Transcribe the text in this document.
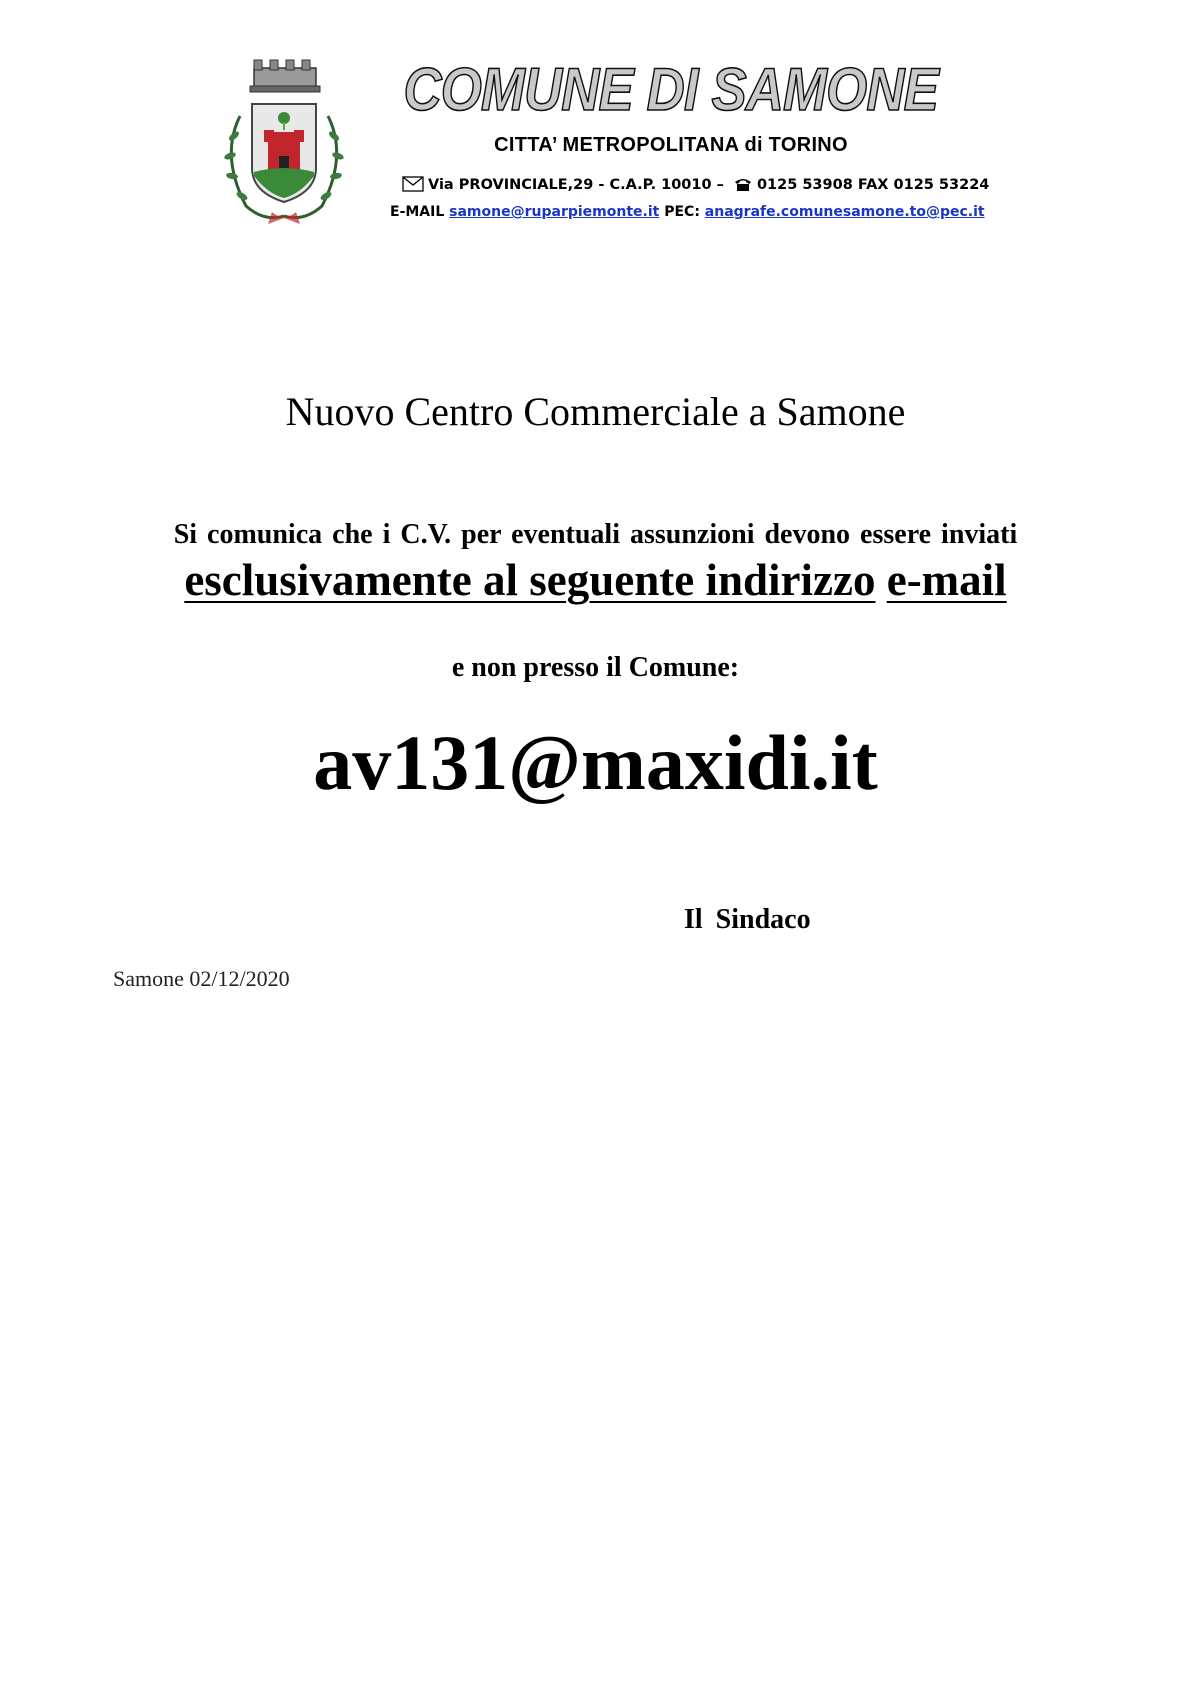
COMUNE DI SAMONE
CITTA’ METROPOLITANA di TORINO
Via PROVINCIALE,29 - C.A.P. 10010 – 0125 53908 FAX 0125 53224
E-MAIL samone@ruparpiemonte.it PEC: anagrafe.comunesamone.to@pec.it
Nuovo Centro Commerciale a Samone
Si comunica che i C.V. per eventuali assunzioni devono essere inviati
esclusivamente al seguente indirizzo e-mail
e non presso il Comune:
av131@maxidi.it
Il Sindaco
Samone 02/12/2020
